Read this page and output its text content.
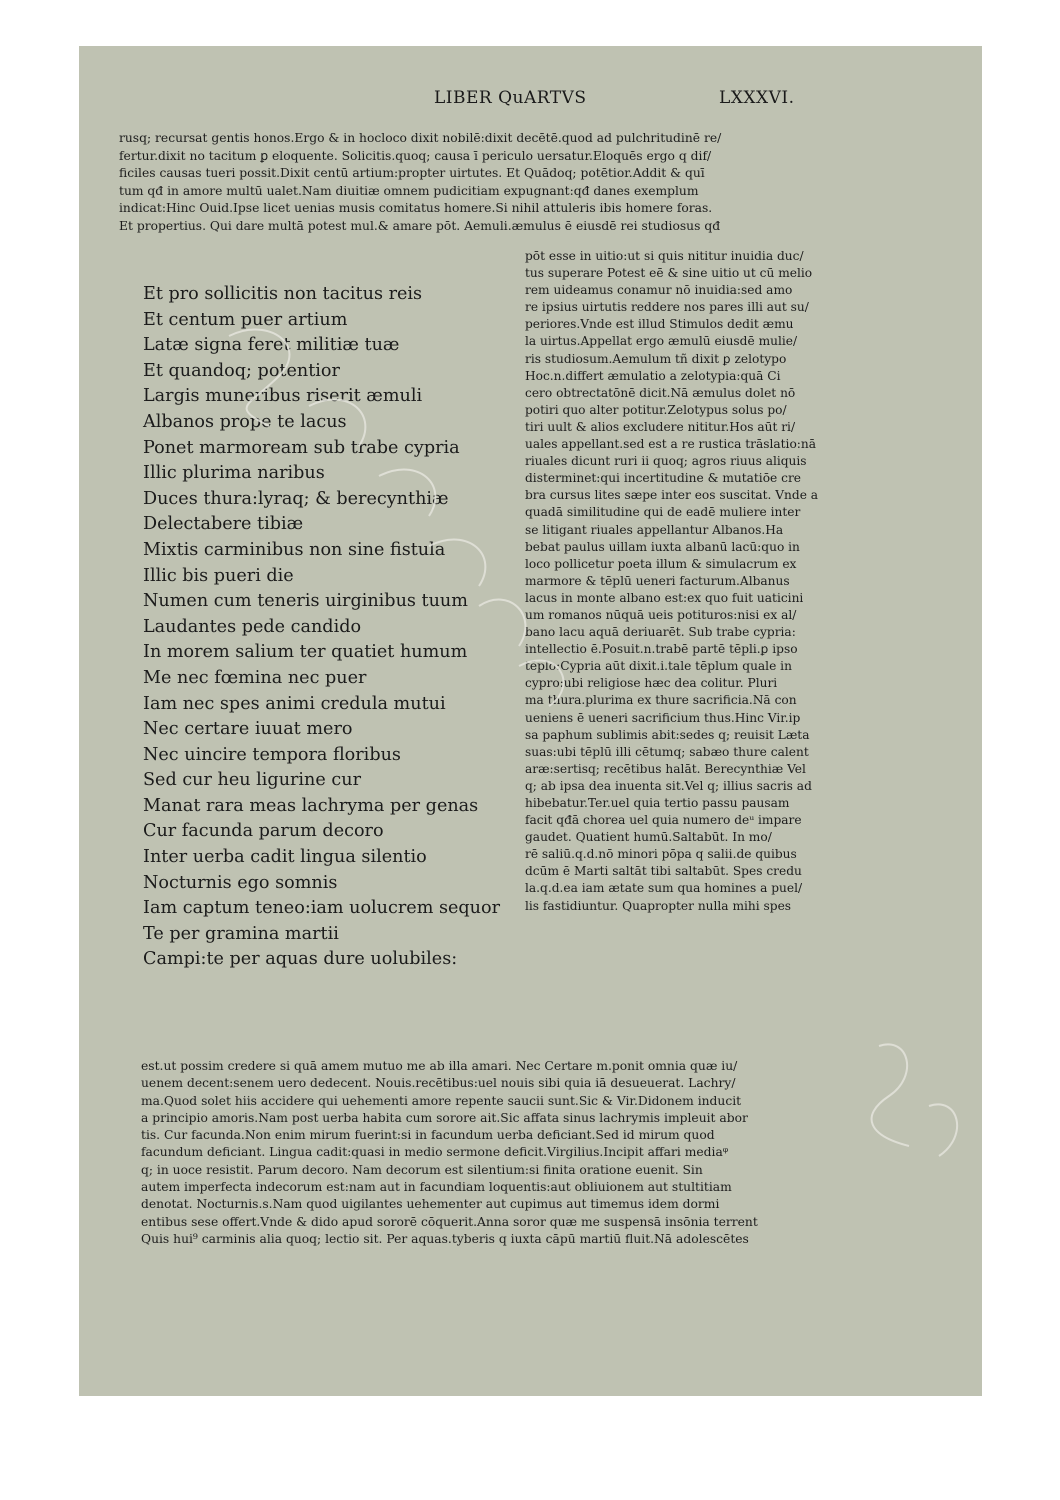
LIBER QuARTVS	LXXXVI.
rusq; recursat gentis honos.Ergo & in hocloco dixit nobilē:dixit decētē.quod ad pulchritudinē re/
fertur.dixit no tacitum ꝑ eloquente. Solicitis.quoq; causa ī periculo uersatur.Eloquēs ergo q dif/
ficiles causas tueri possit.Dixit centū artium:propter uirtutes. Et Quādoq; potētior.Addit & quī
tum qđ in amore multū ualet.Nam diuitiæ omnem pudicitiam expugnant:qđ danes exemplum
indicat:Hinc Ouid.Ipse licet uenias musis comitatus homere.Si nihil attuleris ibis homere foras.
Et propertius. Qui dare multā potest mul.& amare pōt. Aemuli.æmulus ē eiusdē rei studiosus qđ
Et pro sollicitis non tacitus reis
Et centum puer artium
Latæ signa feret militiæ tuæ
Et quandoq; potentior
Largis muneribus riserit æmuli
Albanos prope te lacus
Ponet marmoream sub trabe cypria
Illic plurima naribus
Duces thura:lyraq; & berecynthiæ
Delectabere tibiæ
Mixtis carminibus non sine fistula
Illic bis pueri die
Numen cum teneris uirginibus tuum
Laudantes pede candido
In morem salium ter quatiet humum
Me nec fœmina nec puer
Iam nec spes animi credula mutui
Nec certare iuuat mero
Nec uincire tempora floribus
Sed cur heu ligurine cur
Manat rara meas lachryma per genas
Cur facunda parum decoro
Inter uerba cadit lingua silentio
Nocturnis ego somnis
Iam captum teneo:iam uolucrem sequor
Te per gramina martii
Campi:te per aquas dure uolubiles:
pōt esse in uitio:ut si quis nititur inuidia duc/
tus superare Potest eē & sine uitio ut cū melio
rem uideamus conamur nō inuidia:sed amo
re ipsius uirtutis reddere nos pares illi aut su/
periores.Vnde est illud Stimulos dedit æmu
la uirtus.Appellat ergo æmulū eiusdē mulie/
ris studiosum.Aemulum tñ dixit ꝑ zelotypo
Hoc.n.differt æmulatio a zelotypia:quā Ci
cero obtrectatōnē dicit.Nā æmulus dolet nō
potiri quo alter potitur.Zelotypus solus po/
tiri uult & alios excludere nititur.Hos aūt ri/
uales appellant.sed est a re rustica trāslatio:nā
riuales dicunt ruri ii quoq; agros riuus aliquis
disterminet:qui incertitudine & mutatiōe cre
bra cursus lites sæpe inter eos suscitat. Vnde a
quadā similitudine qui de eadē muliere inter
se litigant riuales appellantur Albanos.Ha
bebat paulus uillam iuxta albanū lacū:quo in
loco pollicetur poeta illum & simulacrum ex
marmore & tēplū ueneri facturum.Albanus
lacus in monte albano est:ex quo fuit uaticini
um romanos nūquā ueis potituros:nisi ex al/
bano lacu aquā deriuarēt. Sub trabe cypria:
intellectio ē.Posuit.n.trabē partē tēpli.ꝑ ipso
tēplo:Cypria aūt dixit.i.tale tēplum quale in
cypro:ubi religiose hæc dea colitur. Pluri
ma thura.plurima ex thure sacrificia.Nā con
ueniens ē ueneri sacrificium thus.Hinc Vir.ip
sa paphum sublimis abit:sedes q; reuisit Læta
suas:ubi tēplū illi cētumq; sabæo thure calent
aræ:sertisq; recētibus halāt. Berecynthiæ Vel
q; ab ipsa dea inuenta sit.Vel q; illius sacris ad
hibebatur.Ter.uel quia tertio passu pausam
facit qđā chorea uel quia numero deᵘ impare
gaudet. Quatient humū.Saltabūt. In mo/
rē saliū.q.d.nō minori pōpa q salii.de quibus
dcūm ē Marti saltāt tibi saltabūt. Spes credu
la.q.d.ea iam ætate sum qua homines a puel/
lis fastidiuntur. Quapropter nulla mihi spes
est.ut possim credere si quā amem mutuo me ab illa amari. Nec Certare m.ponit omnia quæ iu/
uenem decent:senem uero dedecent. Nouis.recētibus:uel nouis sibi quia iā desueuerat. Lachry/
ma.Quod solet hiis accidere qui uehementi amore repente saucii sunt.Sic & Vir.Didonem inducit
a principio amoris.Nam post uerba habita cum sorore ait.Sic affata sinus lachrymis impleuit abor
tis. Cur facunda.Non enim mirum fuerint:si in facundum uerba deficiant.Sed id mirum quod
facundum deficiant. Lingua cadit:quasi in medio sermone deficit.Virgilius.Incipit affari mediaᵠ
q; in uoce resistit. Parum decoro. Nam decorum est silentium:si finita oratione euenit. Sin
autem imperfecta indecorum est:nam aut in facundiam loquentis:aut obliuionem aut stultitiam
denotat. Nocturnis.s.Nam quod uigilantes uehementer aut cupimus aut timemus idem dormi
entibus sese offert.Vnde & dido apud sororē cōquerit.Anna soror quæ me suspensā insōnia terrent
Quis hui⁹ carminis alia quoq; lectio sit. Per aquas.tyberis q iuxta cāpū martiū fluit.Nā adolescētes
